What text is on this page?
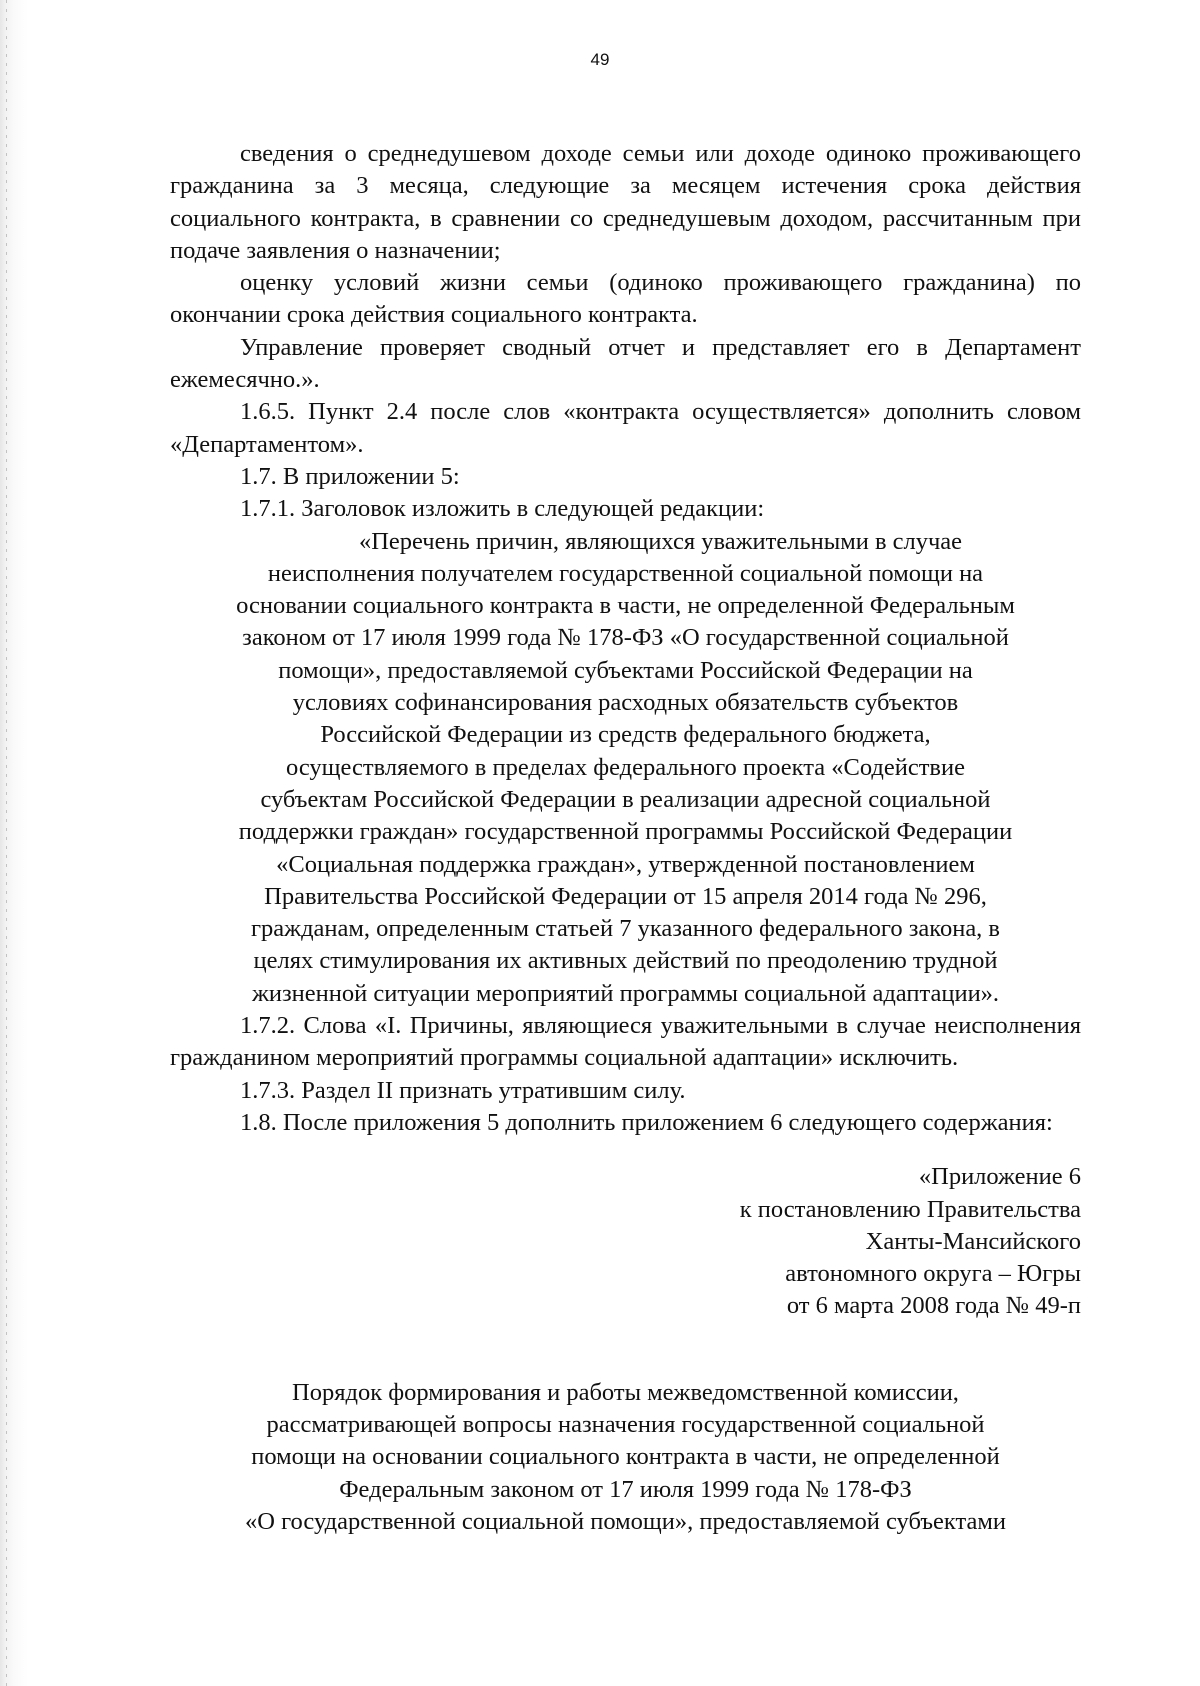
49

сведения о среднедушевом доходе семьи или доходе одиноко проживающего гражданина за 3 месяца, следующие за месяцем истечения срока действия социального контракта, в сравнении со среднедушевым доходом, рассчитанным при подаче заявления о назначении;

оценку условий жизни семьи (одиноко проживающего гражданина) по окончании срока действия социального контракта.

Управление проверяет сводный отчет и представляет его в Департамент ежемесячно.».

1.6.5. Пункт 2.4 после слов «контракта осуществляется» дополнить словом «Департаментом».

1.7. В приложении 5:

1.7.1. Заголовок изложить в следующей редакции:

«Перечень причин, являющихся уважительными в случае
неисполнения получателем государственной социальной помощи на
основании социального контракта в части, не определенной Федеральным
законом от 17 июля 1999 года № 178-ФЗ «О государственной социальной
помощи», предоставляемой субъектами Российской Федерации на
условиях софинансирования расходных обязательств субъектов
Российской Федерации из средств федерального бюджета,
осуществляемого в пределах федерального проекта «Содействие
субъектам Российской Федерации в реализации адресной социальной
поддержки граждан» государственной программы Российской Федерации
«Социальная поддержка граждан», утвержденной постановлением
Правительства Российской Федерации от 15 апреля 2014 года № 296,
гражданам, определенным статьей 7 указанного федерального закона, в
целях стимулирования их активных действий по преодолению трудной
жизненной ситуации мероприятий программы социальной адаптации».

1.7.2. Слова «I. Причины, являющиеся уважительными в случае неисполнения гражданином мероприятий программы социальной адаптации» исключить.

1.7.3. Раздел II признать утратившим силу.

1.8. После приложения 5 дополнить приложением 6 следующего содержания:

«Приложение 6
к постановлению Правительства
Ханты-Мансийского
автономного округа – Югры
от 6 марта 2008 года № 49-п
Порядок формирования и работы межведомственной комиссии,
рассматривающей вопросы назначения государственной социальной
помощи на основании социального контракта в части, не определенной
Федеральным законом от 17 июля 1999 года № 178-ФЗ
«О государственной социальной помощи», предоставляемой субъектами
